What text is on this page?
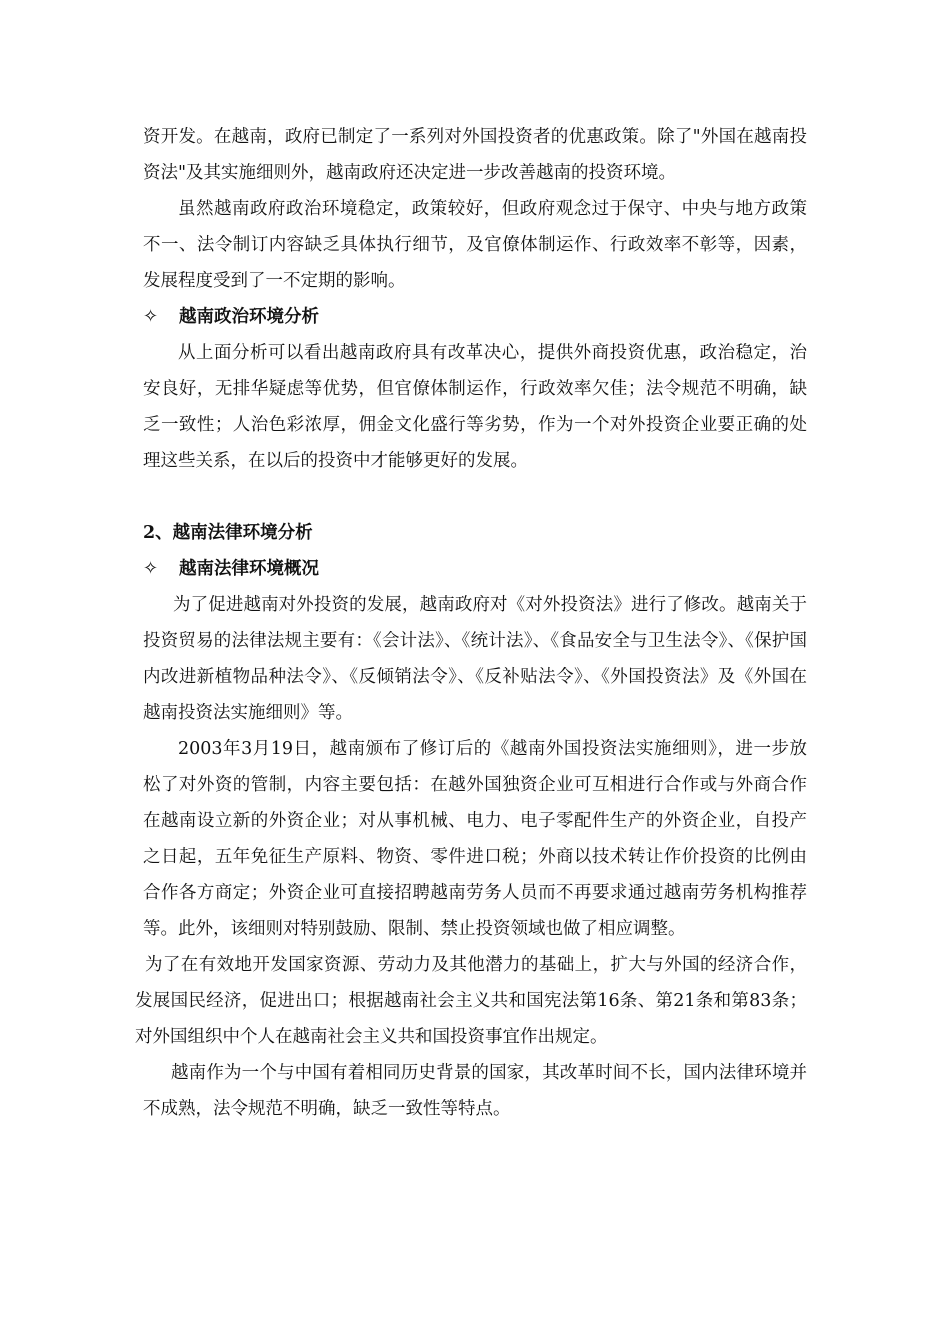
资开发。在越南，政府已制定了一系列对外国投资者的优惠政策。除了"外国在越南投资法"及其实施细则外，越南政府还决定进一步改善越南的投资环境。

虽然越南政府政治环境稳定，政策较好，但政府观念过于保守、中央与地方政策不一、法令制订内容缺乏具体执行细节，及官僚体制运作、行政效率不彰等，因素，发展程度受到了一不定期的影响。

✧	越南政治环境分析

从上面分析可以看出越南政府具有改革决心，提供外商投资优惠，政治稳定，治安良好，无排华疑虑等优势，但官僚体制运作，行政效率欠佳；法令规范不明确，缺乏一致性；人治色彩浓厚，佣金文化盛行等劣势，作为一个对外投资企业要正确的处理这些关系，在以后的投资中才能够更好的发展。

2、越南法律环境分析
✧	越南法律环境概况

为了促进越南对外投资的发展，越南政府对《对外投资法》进行了修改。越南关于投资贸易的法律法规主要有：《会计法》、《统计法》、《食品安全与卫生法令》、《保护国内改进新植物品种法令》、《反倾销法令》、《反补贴法令》、《外国投资法》及《外国在越南投资法实施细则》等。

2003年3月19日，越南颁布了修订后的《越南外国投资法实施细则》，进一步放松了对外资的管制，内容主要包括：在越外国独资企业可互相进行合作或与外商合作在越南设立新的外资企业；对从事机械、电力、电子零配件生产的外资企业，自投产之日起，五年免征生产原料、物资、零件进口税；外商以技术转让作价投资的比例由合作各方商定；外资企业可直接招聘越南劳务人员而不再要求通过越南劳务机构推荐等。此外，该细则对特别鼓励、限制、禁止投资领域也做了相应调整。

为了在有效地开发国家资源、劳动力及其他潜力的基础上，扩大与外国的经济合作，发展国民经济，促进出口；根据越南社会主义共和国宪法第16条、第21条和第83条；对外国组织中个人在越南社会主义共和国投资事宜作出规定。

越南作为一个与中国有着相同历史背景的国家，其改革时间不长，国内法律环境并不成熟，法令规范不明确，缺乏一致性等特点。
